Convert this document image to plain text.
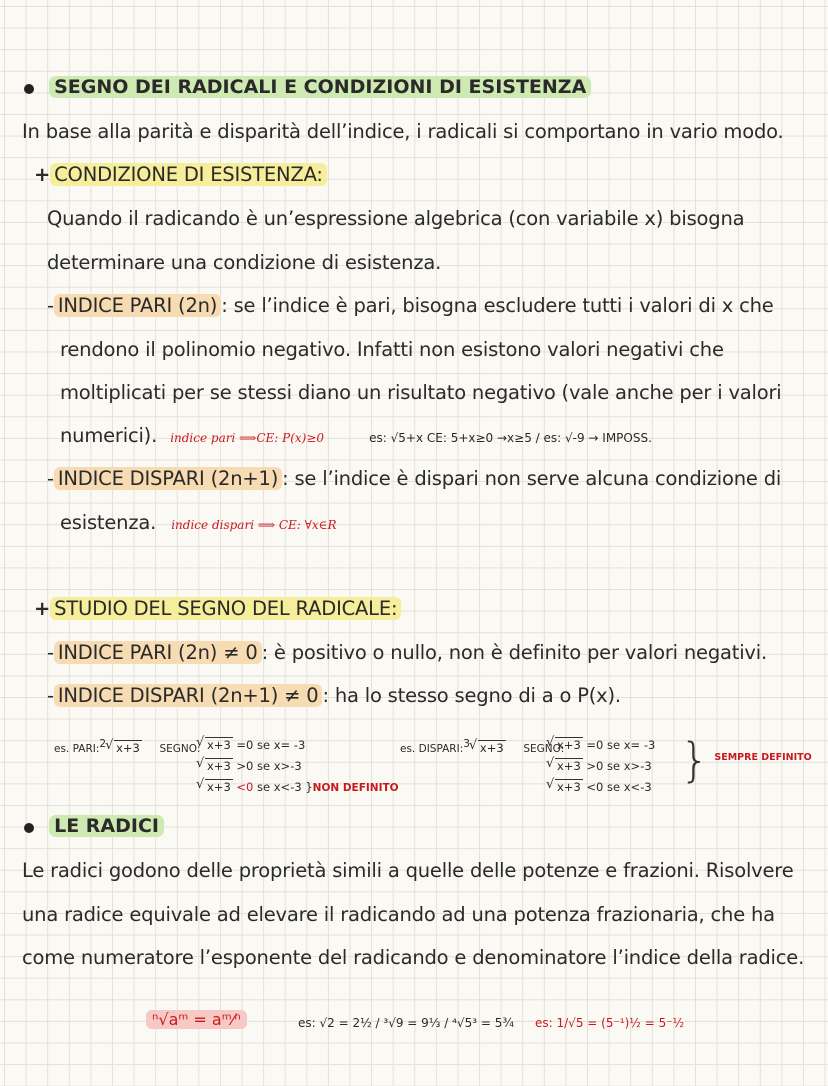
SEGNO DEI RADICALI E CONDIZIONI DI ESISTENZA
In base alla parità e disparità dell’indice, i radicali si comportano in vario modo.
+ CONDIZIONE DI ESISTENZA:
Quando il radicando è un’espressione algebrica (con variabile x) bisogna
determinare una condizione di esistenza.
- INDICE PARI (2n) : se l’indice è pari, bisogna escludere tutti i valori di x che
rendono il polinomio negativo. Infatti non esistono valori negativi che
moltiplicati per se stessi diano un risultato negativo (vale anche per i valori
numerici). indice pari ⟹CE: P(x)≥0	es: √5+x CE: 5+x≥0 →x≥5 / es: √-9 → IMPOSS.
- INDICE DISPARI (2n+1) : se l’indice è dispari non serve alcuna condizione di
esistenza. indice dispari ⟹ CE: ∀x∈R
+ STUDIO DEL SEGNO DEL RADICALE:
- INDICE PARI (2n) ≠ 0 : è positivo o nullo, non è definito per valori negativi.
- INDICE DISPARI (2n+1) ≠ 0 : ha lo stesso segno di a o P(x).
es. PARI:$^2$ √ x+3 SEGNO: √ x+3 =0 se x= -3
√ x+3 >0 se x>-3
√ x+3 <0 se x<-3 }NON DEFINITO
es. DISPARI:$^3$ √ x+3 SEGNO:
√ x+3 =0 se x= -3
√ x+3 >0 se x>-3
√ x+3 <0 se x<-3 } $^{SEMPRE DEFINITO}$
LE RADICI
Le radici godono delle proprietà simili a quelle delle potenze e frazioni. Risolvere
una radice equivale ad elevare il radicando ad una potenza frazionaria, che ha
come numeratore l’esponente del radicando e denominatore l’indice della radice.
ⁿ√aᵐ = aᵐ⁄ⁿ	es: √2 = 2½ / ³√9 = 9⅓ / ⁴√5³ = 5¾ es: 1/√5 = (5⁻¹)½ = 5⁻½
